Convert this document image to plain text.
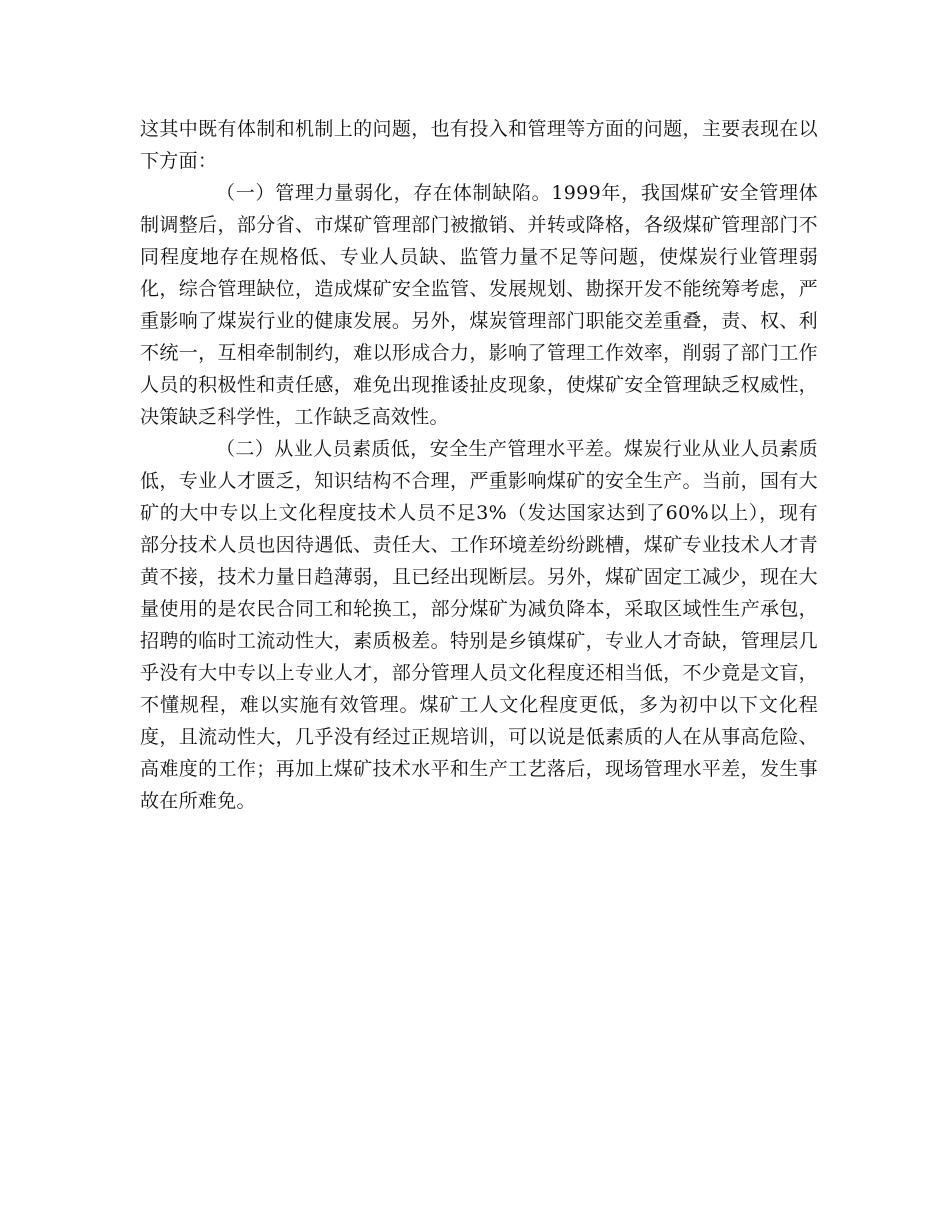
这其中既有体制和机制上的问题，也有投入和管理等方面的问题，主要表现在以下方面：

（一）管理力量弱化，存在体制缺陷。1999年，我国煤矿安全管理体制调整后，部分省、市煤矿管理部门被撤销、并转或降格，各级煤矿管理部门不同程度地存在规格低、专业人员缺、监管力量不足等问题，使煤炭行业管理弱化，综合管理缺位，造成煤矿安全监管、发展规划、勘探开发不能统筹考虑，严重影响了煤炭行业的健康发展。另外，煤炭管理部门职能交差重叠，责、权、利不统一，互相牵制制约，难以形成合力，影响了管理工作效率，削弱了部门工作人员的积极性和责任感，难免出现推诿扯皮现象，使煤矿安全管理缺乏权威性，决策缺乏科学性，工作缺乏高效性。

（二）从业人员素质低，安全生产管理水平差。煤炭行业从业人员素质低，专业人才匮乏，知识结构不合理，严重影响煤矿的安全生产。当前，国有大矿的大中专以上文化程度技术人员不足3%（发达国家达到了60%以上），现有部分技术人员也因待遇低、责任大、工作环境差纷纷跳槽，煤矿专业技术人才青黄不接，技术力量日趋薄弱，且已经出现断层。另外，煤矿固定工减少，现在大量使用的是农民合同工和轮换工，部分煤矿为减负降本，采取区域性生产承包，招聘的临时工流动性大，素质极差。特别是乡镇煤矿，专业人才奇缺，管理层几乎没有大中专以上专业人才，部分管理人员文化程度还相当低，不少竟是文盲，不懂规程，难以实施有效管理。煤矿工人文化程度更低，多为初中以下文化程度，且流动性大，几乎没有经过正规培训，可以说是低素质的人在从事高危险、高难度的工作；再加上煤矿技术水平和生产工艺落后，现场管理水平差，发生事故在所难免。
